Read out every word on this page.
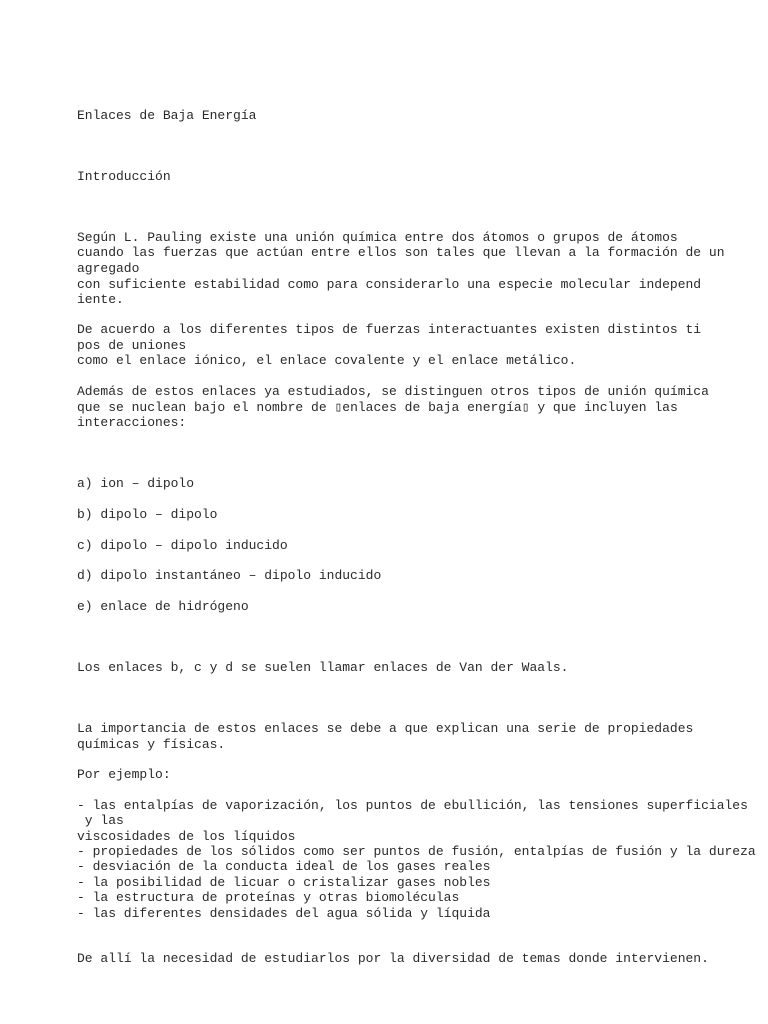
Enlaces de Baja Energía

Introducción

Según L. Pauling existe una unión química entre dos átomos o grupos de átomos

cuando las fuerzas que actúan entre ellos son tales que llevan a la formación de un

agregado

con suficiente estabilidad como para considerarlo una especie molecular independ

iente.

De acuerdo a los diferentes tipos de fuerzas interactuantes existen distintos ti

pos de uniones

como el enlace iónico, el enlace covalente y el enlace metálico.

Además de estos enlaces ya estudiados, se distinguen otros tipos de unión química

que se nuclean bajo el nombre de ▯enlaces de baja energía▯ y que incluyen las

interacciones:

a) ion – dipolo

b) dipolo – dipolo

c) dipolo – dipolo inducido

d) dipolo instantáneo – dipolo inducido

e) enlace de hidrógeno

Los enlaces b, c y d se suelen llamar enlaces de Van der Waals.

La importancia de estos enlaces se debe a que explican una serie de propiedades

químicas y físicas.

Por ejemplo:

- las entalpías de vaporización, los puntos de ebullición, las tensiones superficiales

y las

viscosidades de los líquidos

- propiedades de los sólidos como ser puntos de fusión, entalpías de fusión y la dureza

- desviación de la conducta ideal de los gases reales

- la posibilidad de licuar o cristalizar gases nobles

- la estructura de proteínas y otras biomoléculas

- las diferentes densidades del agua sólida y líquida

De allí la necesidad de estudiarlos por la diversidad de temas donde intervienen.
